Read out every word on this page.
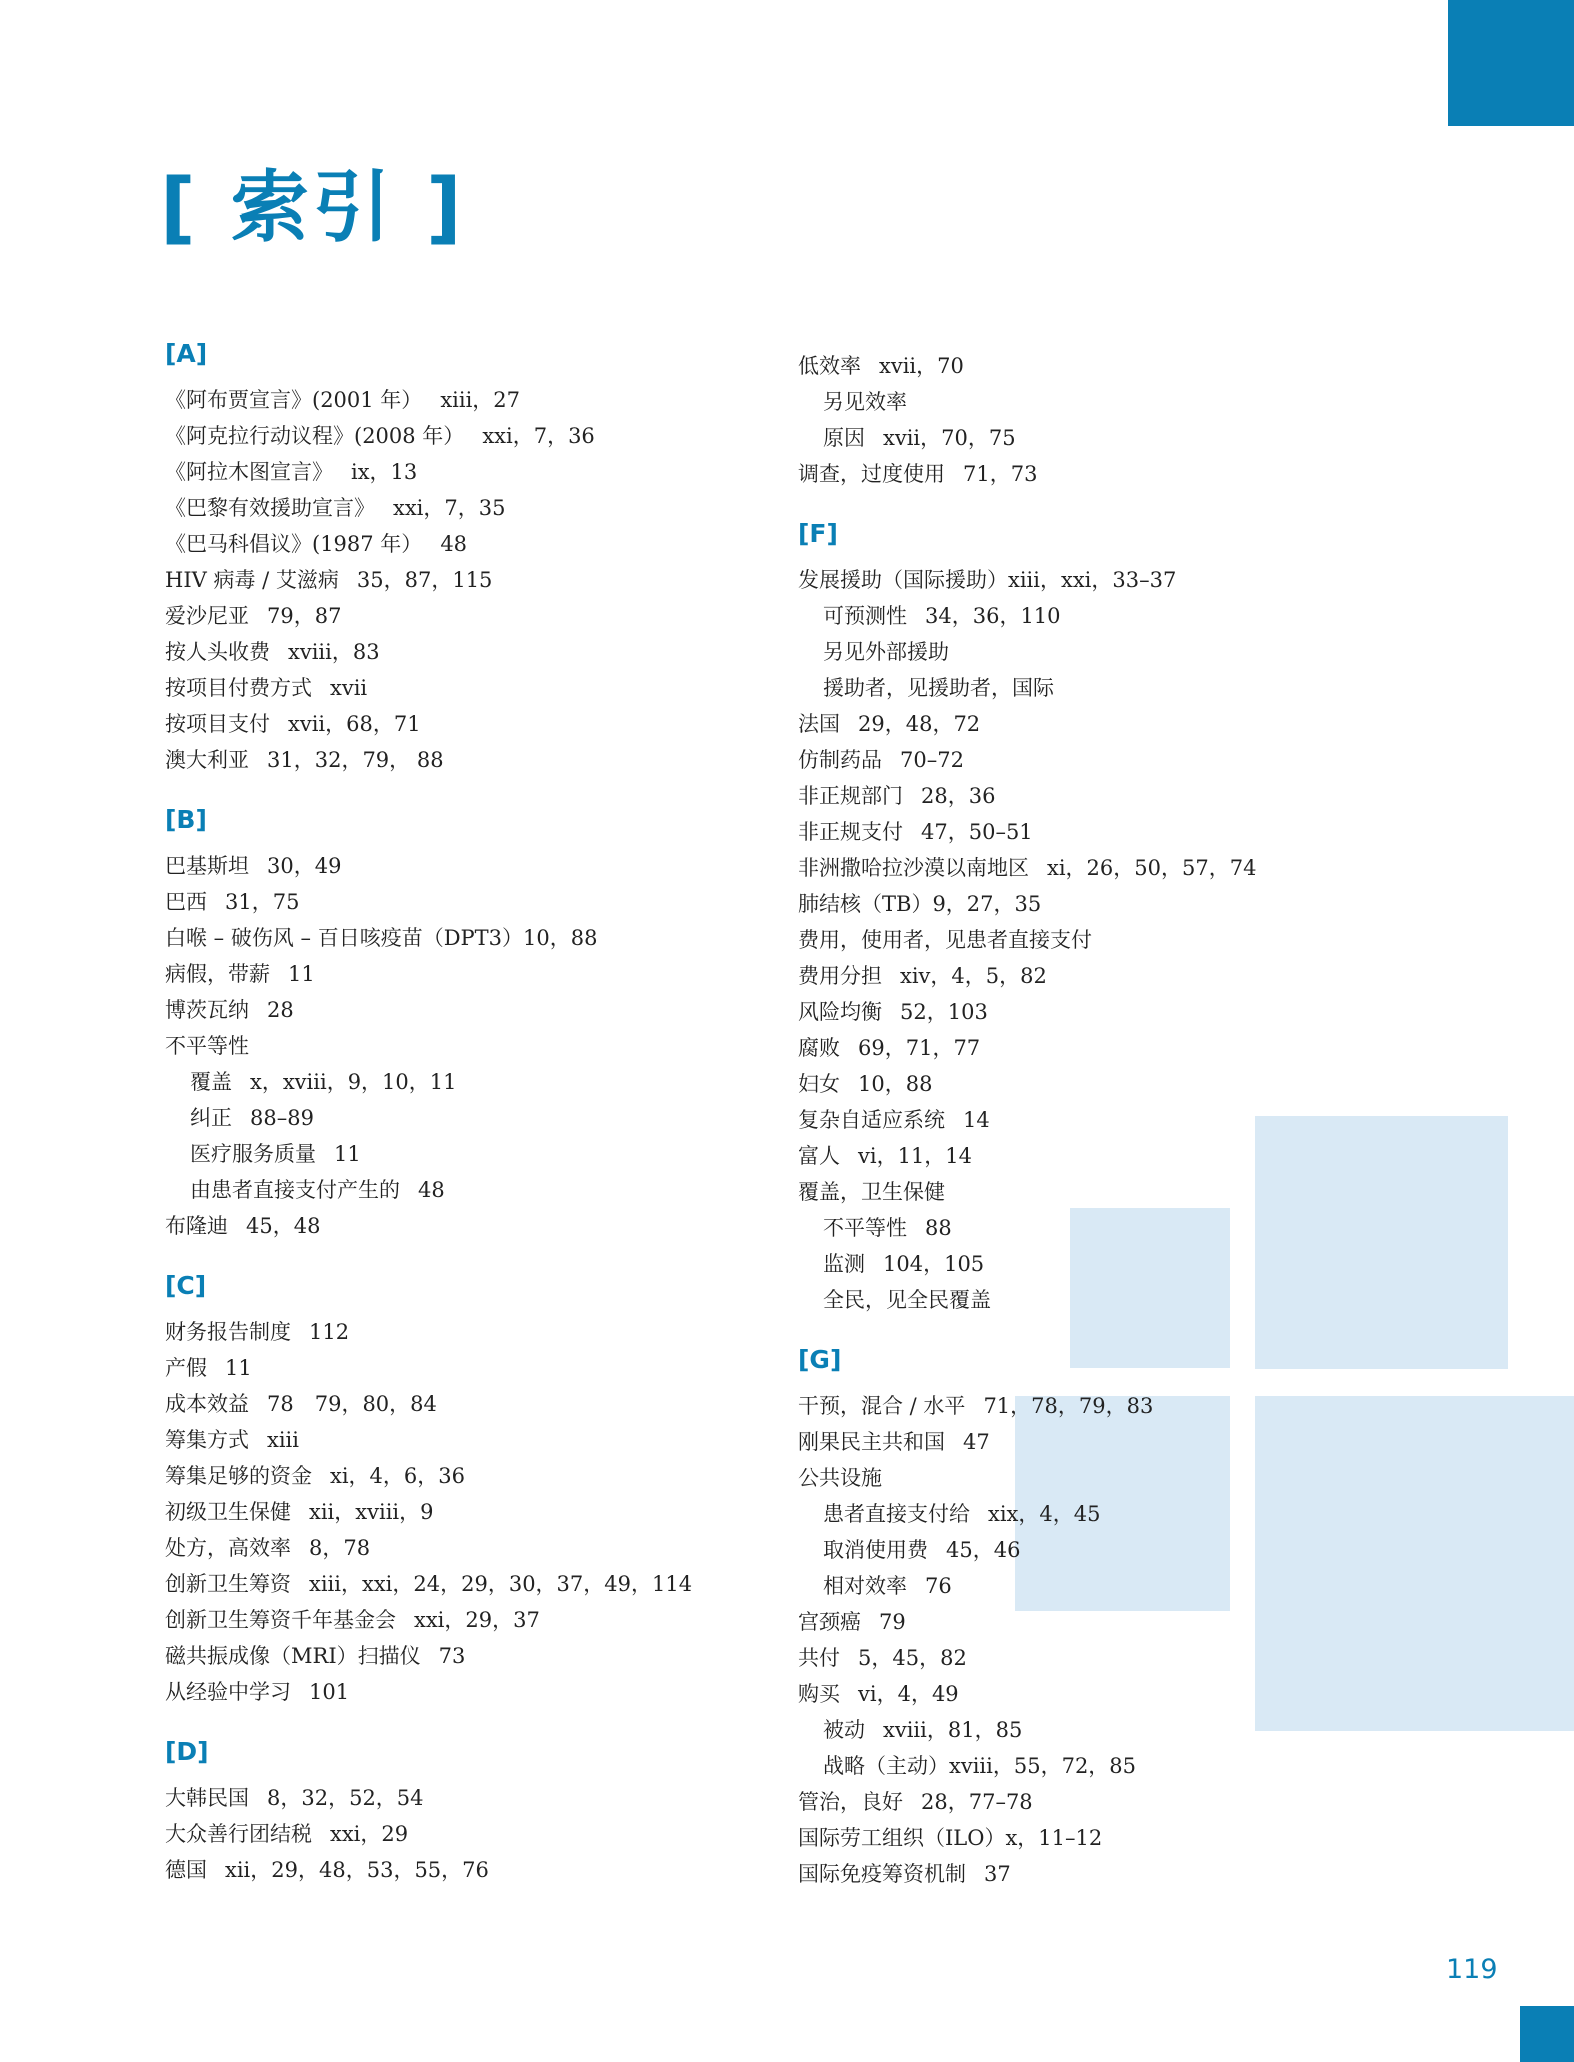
[ 索引 ]
[A]
《阿布贾宣言》(2001 年） xiii，27
《阿克拉行动议程》(2008 年） xxi，7，36
《阿拉木图宣言》 ix，13
《巴黎有效援助宣言》 xxi，7，35
《巴马科倡议》(1987 年） 48
HIV 病毒 / 艾滋病 35，87，115
爱沙尼亚 79，87
按人头收费 xviii，83
按项目付费方式 xvii
按项目支付 xvii，68，71
澳大利亚 31，32，79， 88
[B]
巴基斯坦 30，49
巴西 31，75
白喉 – 破伤风 – 百日咳疫苗（DPT3）10，88
病假，带薪 11
博茨瓦纳 28
不平等性
覆盖 x，xviii，9，10，11
纠正 88–89
医疗服务质量 11
由患者直接支付产生的 48
布隆迪 45，48
[C]
财务报告制度 112
产假 11
成本效益 78　79，80，84
筹集方式 xiii
筹集足够的资金 xi，4，6，36
初级卫生保健 xii，xviii，9
处方，高效率 8，78
创新卫生筹资 xiii，xxi，24，29，30，37，49，114
创新卫生筹资千年基金会 xxi，29，37
磁共振成像（MRI）扫描仪 73
从经验中学习 101
[D]
大韩民国 8，32，52，54
大众善行团结税 xxi，29
德国 xii，29，48，53，55，76
低效率 xvii，70
另见效率
原因 xvii，70，75
调查，过度使用 71，73
[F]
发展援助（国际援助）xiii，xxi，33–37
可预测性 34，36，110
另见外部援助
援助者，见援助者，国际
法国 29，48，72
仿制药品 70–72
非正规部门 28，36
非正规支付 47，50–51
非洲撒哈拉沙漠以南地区 xi，26，50，57，74
肺结核（TB）9，27，35
费用，使用者，见患者直接支付
费用分担 xiv，4，5，82
风险均衡 52，103
腐败 69，71，77
妇女 10，88
复杂自适应系统 14
富人 vi，11，14
覆盖，卫生保健
不平等性 88
监测 104，105
全民，见全民覆盖
[G]
干预，混合 / 水平 71，78，79，83
刚果民主共和国 47
公共设施
患者直接支付给 xix，4，45
取消使用费 45，46
相对效率 76
宫颈癌 79
共付 5，45，82
购买 vi，4，49
被动 xviii，81，85
战略（主动）xviii，55，72，85
管治，良好 28，77–78
国际劳工组织（ILO）x，11–12
国际免疫筹资机制 37
119
